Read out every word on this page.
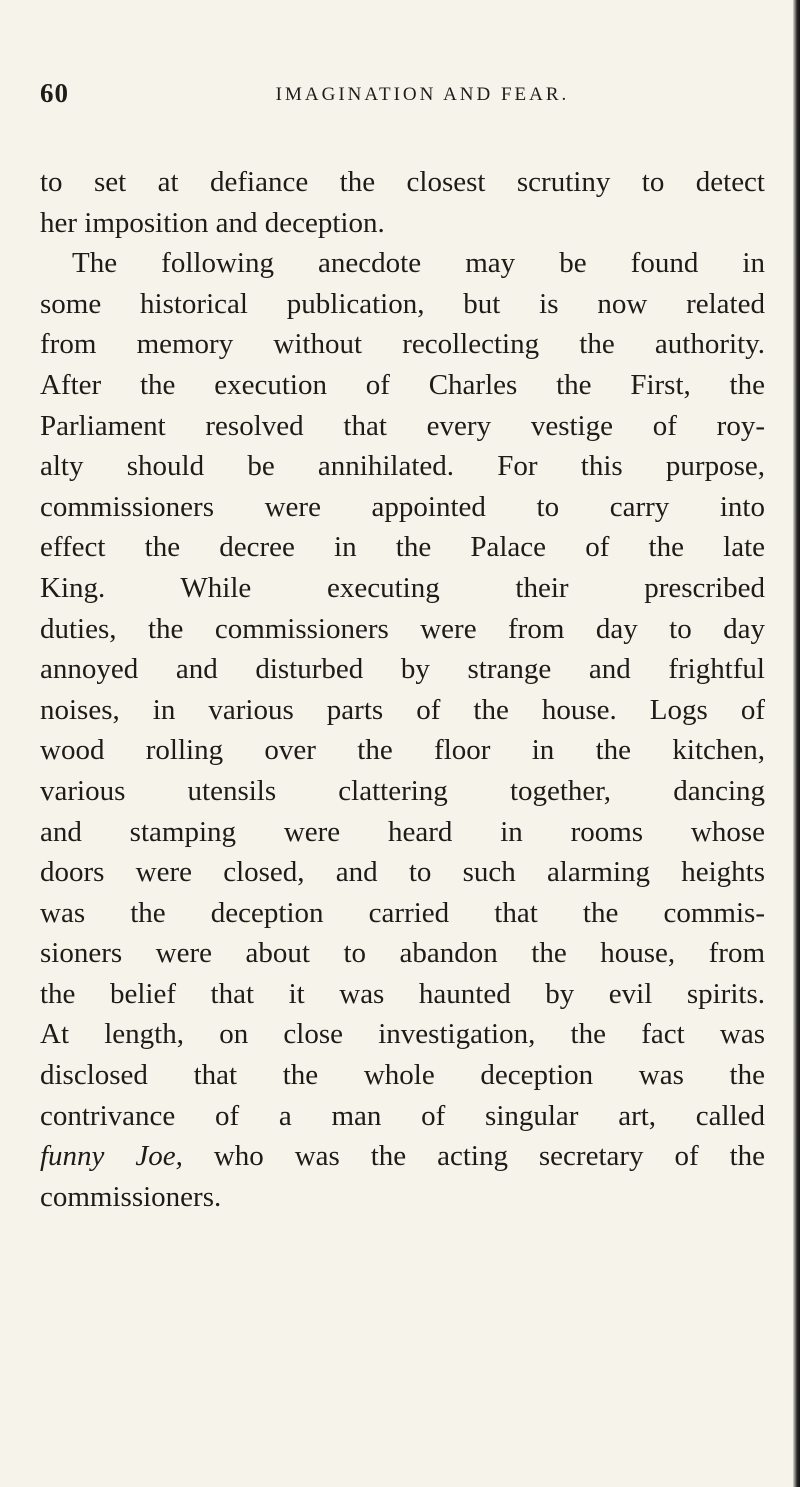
60	IMAGINATION AND FEAR.
to set at defiance the closest scrutiny to detect
her imposition and deception.
The following anecdote may be found in
some historical publication, but is now related
from memory without recollecting the authority.
After the execution of Charles the First, the
Parliament resolved that every vestige of roy-
alty should be annihilated. For this purpose,
commissioners were appointed to carry into
effect the decree in the Palace of the late
King. While executing their prescribed
duties, the commissioners were from day to day
annoyed and disturbed by strange and frightful
noises, in various parts of the house. Logs of
wood rolling over the floor in the kitchen,
various utensils clattering together, dancing
and stamping were heard in rooms whose
doors were closed, and to such alarming heights
was the deception carried that the commis-
sioners were about to abandon the house, from
the belief that it was haunted by evil spirits.
At length, on close investigation, the fact was
disclosed that the whole deception was the
contrivance of a man of singular art, called
funny Joe, who was the acting secretary of the
commissioners.
